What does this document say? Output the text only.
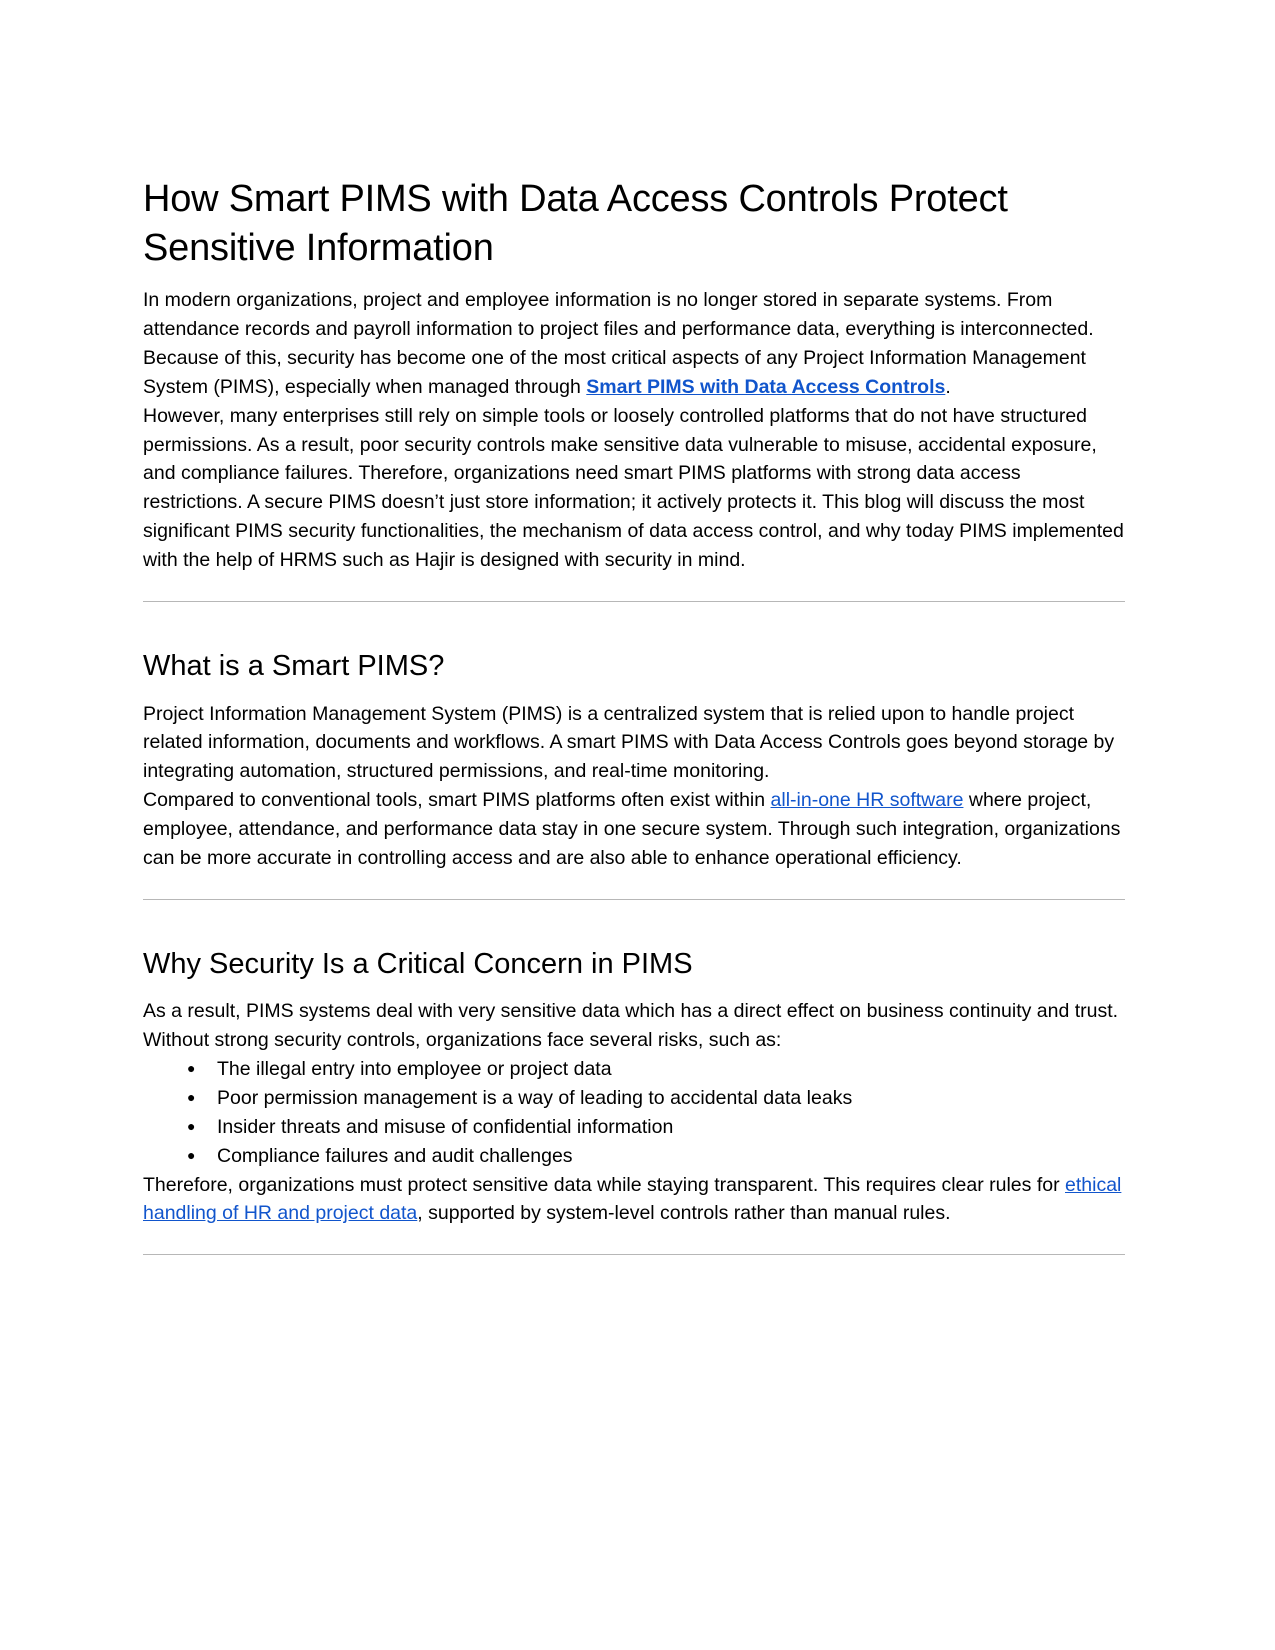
How Smart PIMS with Data Access Controls Protect Sensitive Information

In modern organizations, project and employee information is no longer stored in separate systems. From attendance records and payroll information to project files and performance data, everything is interconnected. Because of this, security has become one of the most critical aspects of any Project Information Management System (PIMS), especially when managed through Smart PIMS with Data Access Controls.

However, many enterprises still rely on simple tools or loosely controlled platforms that do not have structured permissions. As a result, poor security controls make sensitive data vulnerable to misuse, accidental exposure, and compliance failures. Therefore, organizations need smart PIMS platforms with strong data access restrictions. A secure PIMS doesn’t just store information; it actively protects it. This blog will discuss the most significant PIMS security functionalities, the mechanism of data access control, and why today PIMS implemented with the help of HRMS such as Hajir is designed with security in mind.

What is a Smart PIMS?

Project Information Management System (PIMS) is a centralized system that is relied upon to handle project related information, documents and workflows. A smart PIMS with Data Access Controls goes beyond storage by integrating automation, structured permissions, and real-time monitoring.

Compared to conventional tools, smart PIMS platforms often exist within all-in-one HR software where project, employee, attendance, and performance data stay in one secure system. Through such integration, organizations can be more accurate in controlling access and are also able to enhance operational efficiency.

Why Security Is a Critical Concern in PIMS

As a result, PIMS systems deal with very sensitive data which has a direct effect on business continuity and trust. Without strong security controls, organizations face several risks, such as:

● The illegal entry into employee or project data
● Poor permission management is a way of leading to accidental data leaks
● Insider threats and misuse of confidential information
● Compliance failures and audit challenges

Therefore, organizations must protect sensitive data while staying transparent. This requires clear rules for ethical handling of HR and project data, supported by system-level controls rather than manual rules.
